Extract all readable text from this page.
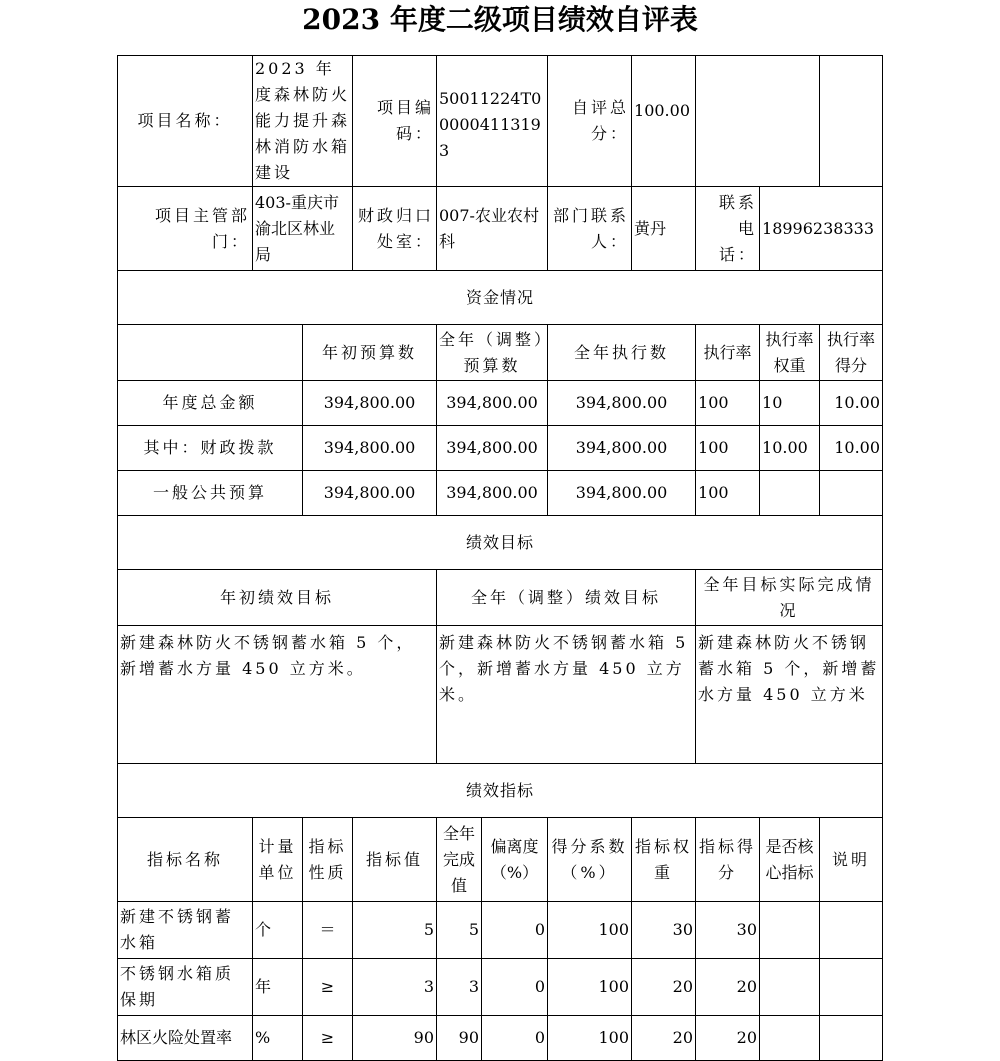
2023 年度二级项目绩效自评表
项目名称：	2023 年度森林防火能力提升森林消防水箱建设		项目编码：	50011224T000004113193		自评总分：	100.00			
项目主管部门：	403-重庆市渝北区林业局		财政归口处室：	007-农业农村科		部门联系人：	黄丹	联系电话：	18996238333	
资金情况										
		年初预算数		全年（调整）预算数		全年执行数		执行率	执行率权重	执行率得分
年度总金额		394,800.00		394,800.00		394,800.00		100	10	10.00
其中：财政拨款		394,800.00		394,800.00		394,800.00		100	10.00	10.00
一般公共预算		394,800.00		394,800.00		394,800.00		100		
绩效目标										
年初绩效目标				全年（调整）绩效目标				全年目标实际完成情况		
新建森林防火不锈钢蓄水箱 5 个，新增蓄水方量 450 立方米。				新建森林防火不锈钢蓄水箱 5 个，新增蓄水方量 450 立方米。				新建森林防火不锈钢蓄水箱 5 个，新增蓄水方量 450 立方米		
绩效指标										
指标名称	计量单位	指标性质	指标值	全年完成值	偏离度（%）	得分系数（%）	指标权重	指标得分	是否核心指标	说明
新建不锈钢蓄水箱	个	＝	5	5	0	100	30	30		
不锈钢水箱质保期	年	≥	3	3	0	100	20	20		
林区火险处置率	%	≥	90	90	0	100	20	20		
